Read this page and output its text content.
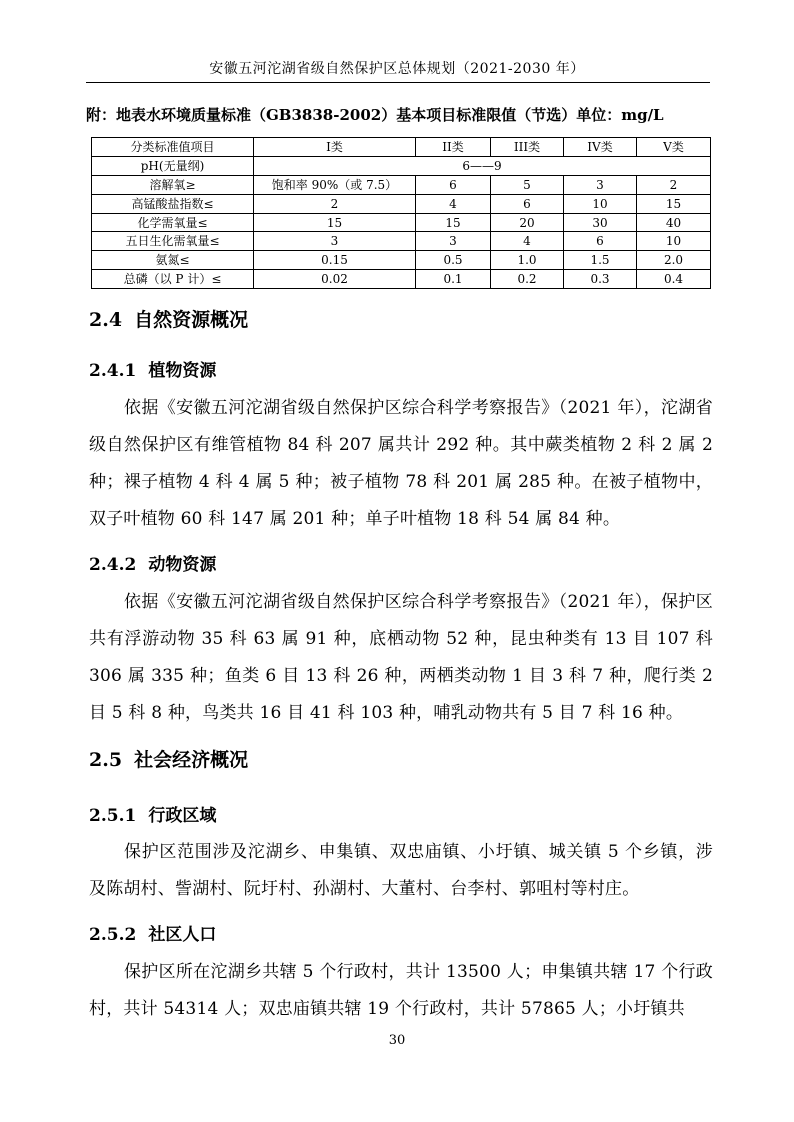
安徽五河沱湖省级自然保护区总体规划（2021-2030 年）
附：地表水环境质量标准（GB3838-2002）基本项目标准限值（节选）单位：mg/L
分类标准值项目	I类	II类	III类	IV类	V类
pH(无量纲)	6——9				
溶解氧≥	饱和率 90%（或 7.5）	6	5	3	2
高锰酸盐指数≤	2	4	6	10	15
化学需氧量≤	15	15	20	30	40
五日生化需氧量≤	3	3	4	6	10
氨氮≤	0.15	0.5	1.0	1.5	2.0
总磷（以 P 计）≤	0.02	0.1	0.2	0.3	0.4
2.4 自然资源概况
2.4.1 植物资源
依据《安徽五河沱湖省级自然保护区综合科学考察报告》（2021 年），沱湖省级自然保护区有维管植物 84 科 207 属共计 292 种。其中蕨类植物 2 科 2 属 2 种；裸子植物 4 科 4 属 5 种；被子植物 78 科 201 属 285 种。在被子植物中，双子叶植物 60 科 147 属 201 种；单子叶植物 18 科 54 属 84 种。
2.4.2 动物资源
依据《安徽五河沱湖省级自然保护区综合科学考察报告》（2021 年），保护区共有浮游动物 35 科 63 属 91 种，底栖动物 52 种，昆虫种类有 13 目 107 科 306 属 335 种；鱼类 6 目 13 科 26 种，两栖类动物 1 目 3 科 7 种，爬行类 2 目 5 科 8 种，鸟类共 16 目 41 科 103 种，哺乳动物共有 5 目 7 科 16 种。
2.5 社会经济概况
2.5.1 行政区域
保护区范围涉及沱湖乡、申集镇、双忠庙镇、小圩镇、城关镇 5 个乡镇，涉及陈胡村、訾湖村、阮圩村、孙湖村、大董村、台李村、郭咀村等村庄。
2.5.2 社区人口
保护区所在沱湖乡共辖 5 个行政村，共计 13500 人；申集镇共辖 17 个行政村，共计 54314 人；双忠庙镇共辖 19 个行政村，共计 57865 人；小圩镇共
30
